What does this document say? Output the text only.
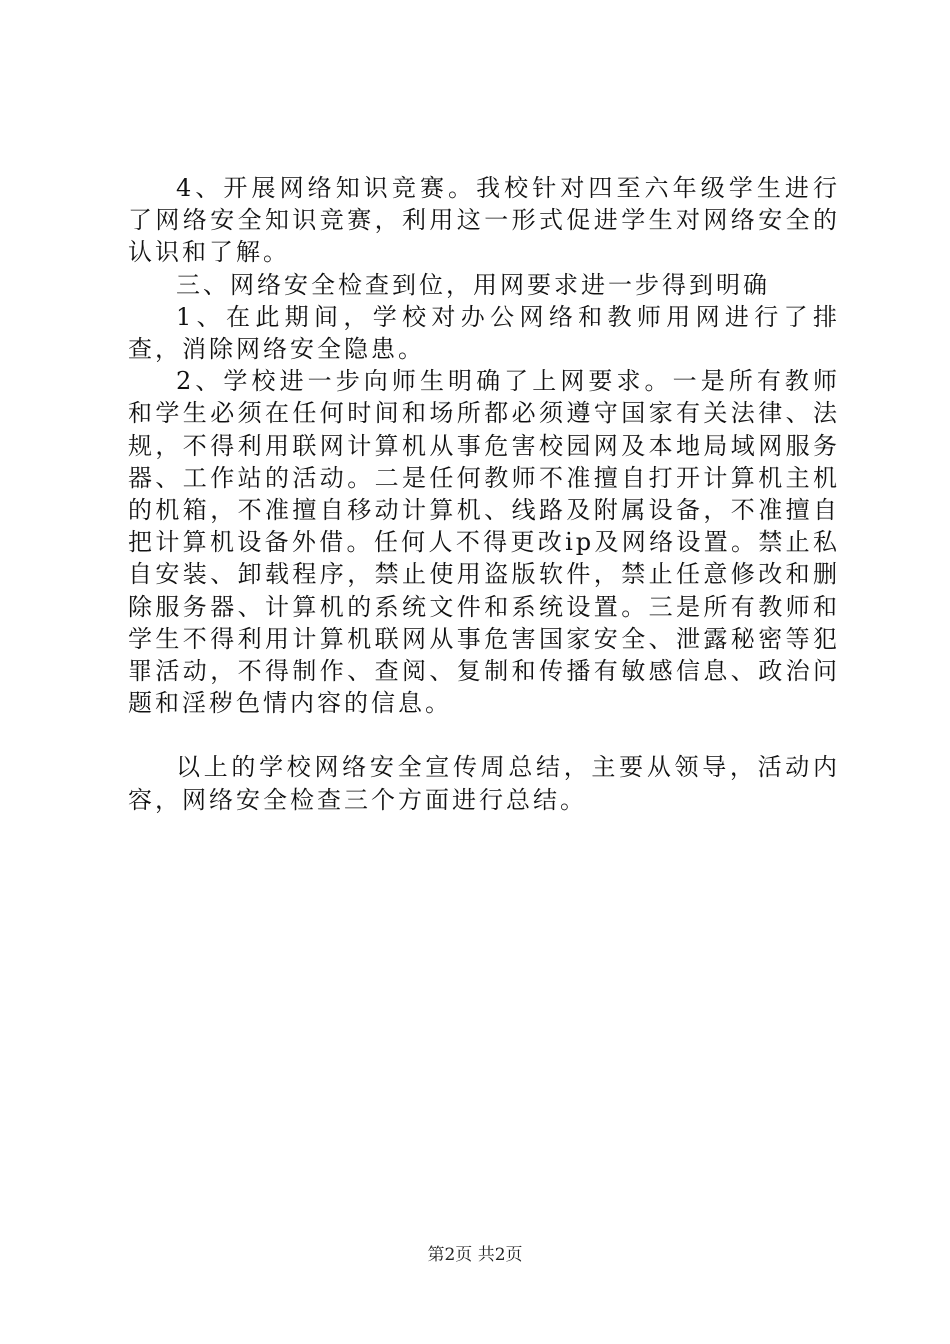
4、开展网络知识竞赛。我校针对四至六年级学生进行了网络安全知识竞赛，利用这一形式促进学生对网络安全的认识和了解。

三、网络安全检查到位，用网要求进一步得到明确

1、在此期间，学校对办公网络和教师用网进行了排查，消除网络安全隐患。

2、学校进一步向师生明确了上网要求。一是所有教师和学生必须在任何时间和场所都必须遵守国家有关法律、法规，不得利用联网计算机从事危害校园网及本地局域网服务器、工作站的活动。二是任何教师不准擅自打开计算机主机的机箱，不准擅自移动计算机、线路及附属设备，不准擅自把计算机设备外借。任何人不得更改ip及网络设置。禁止私自安装、卸载程序，禁止使用盗版软件，禁止任意修改和删除服务器、计算机的系统文件和系统设置。三是所有教师和学生不得利用计算机联网从事危害国家安全、泄露秘密等犯罪活动，不得制作、查阅、复制和传播有敏感信息、政治问题和淫秽色情内容的信息。

以上的学校网络安全宣传周总结，主要从领导，活动内容，网络安全检查三个方面进行总结。

第2页 共2页
